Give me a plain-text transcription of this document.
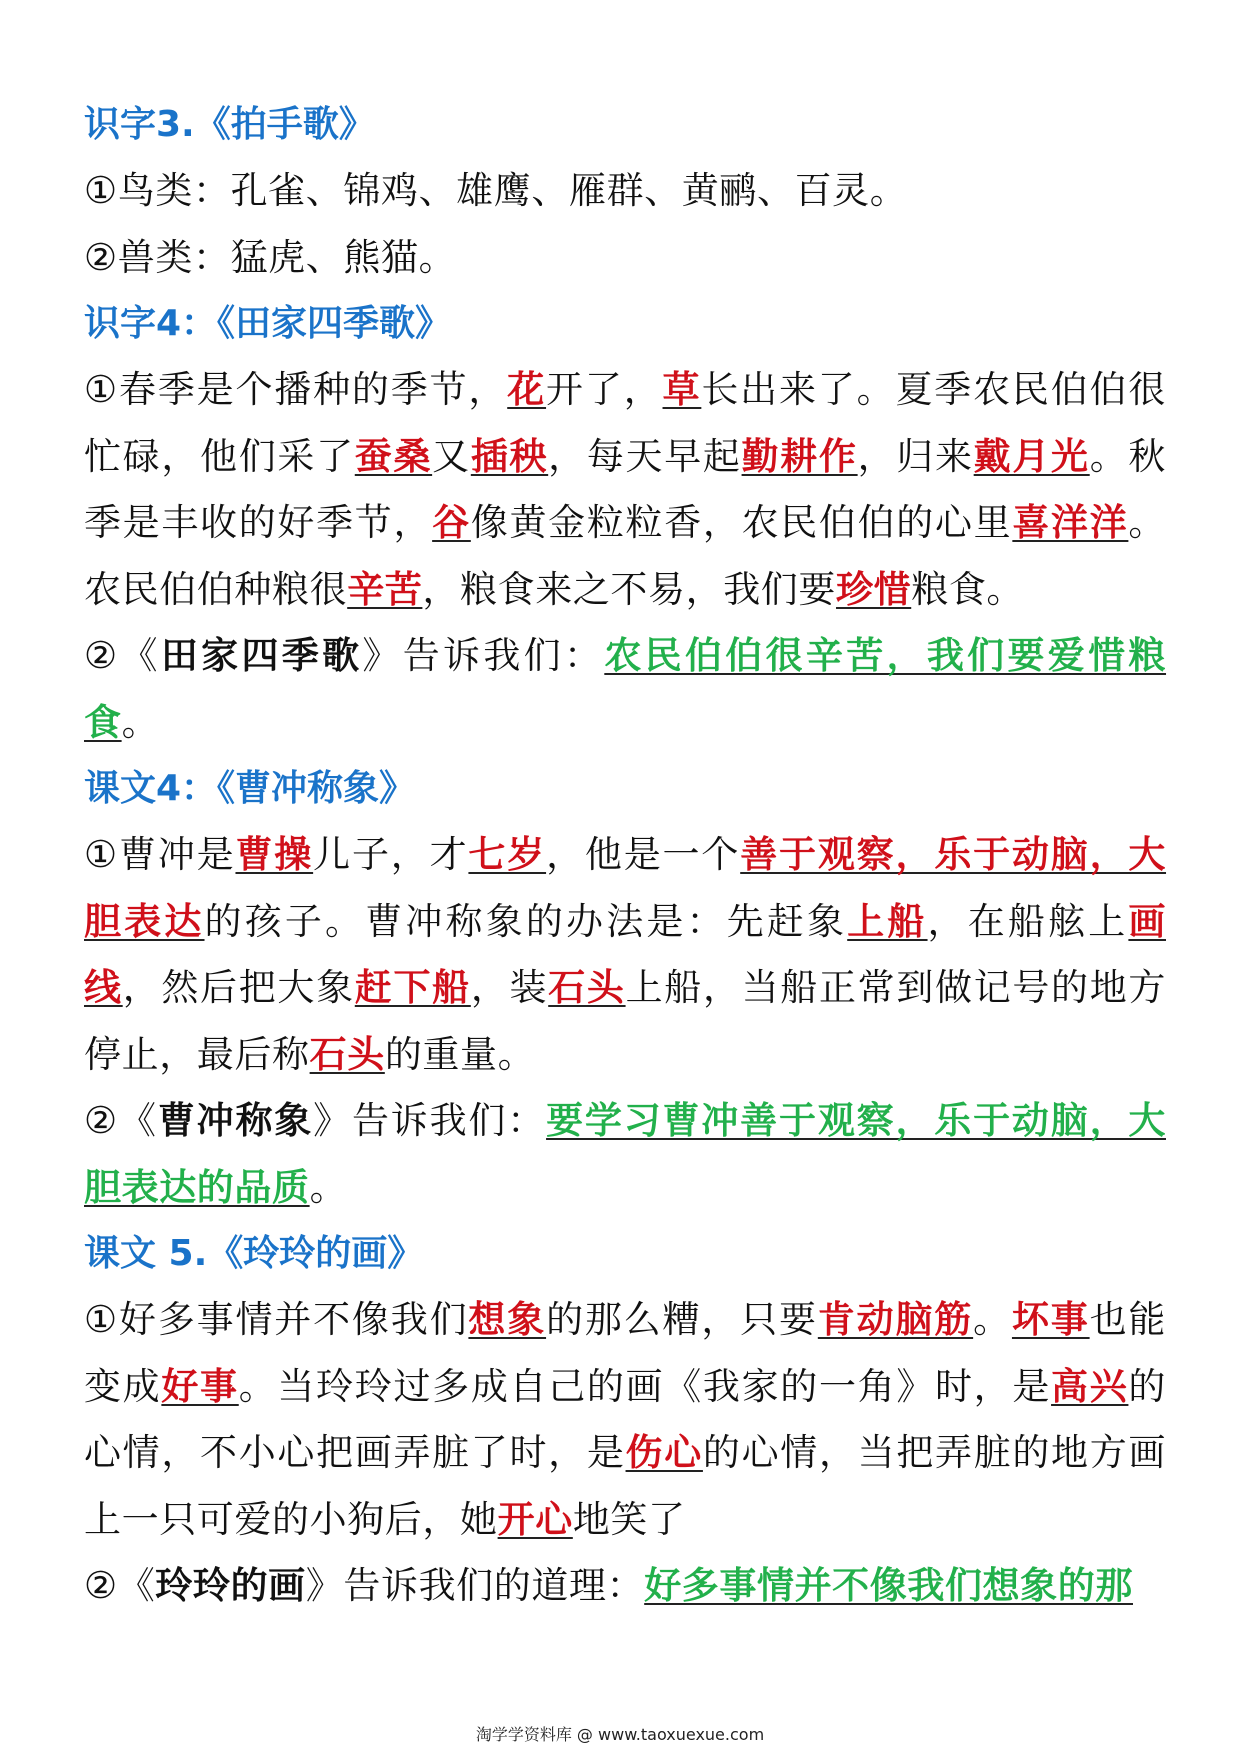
识字3.《拍手歌》
①鸟类：孔雀、锦鸡、雄鹰、雁群、黄鹂、百灵。
②兽类：猛虎、熊猫。
识字4：《田家四季歌》
①春季是个播种的季节，花开了，草长出来了。夏季农民伯伯很忙碌，他们采了蚕桑又插秧，每天早起勤耕作，归来戴月光。秋季是丰收的好季节，谷像黄金粒粒香，农民伯伯的心里喜洋洋。农民伯伯种粮很辛苦，粮食来之不易，我们要珍惜粮食。
②《田家四季歌》告诉我们：农民伯伯很辛苦，我们要爱惜粮食。
课文4：《曹冲称象》
①曹冲是曹操儿子，才七岁，他是一个善于观察，乐于动脑，大胆表达的孩子。曹冲称象的办法是：先赶象上船，在船舷上画线，然后把大象赶下船，装石头上船，当船正常到做记号的地方停止，最后称石头的重量。
②《曹冲称象》告诉我们：要学习曹冲善于观察，乐于动脑，大胆表达的品质。
课文 5.《玲玲的画》
①好多事情并不像我们想象的那么糟，只要肯动脑筋。坏事也能变成好事。当玲玲过多成自己的画《我家的一角》时，是高兴的心情，不小心把画弄脏了时，是伤心的心情，当把弄脏的地方画上一只可爱的小狗后，她开心地笑了
②《玲玲的画》告诉我们的道理：好多事情并不像我们想象的那
淘学学资料库 @ www.taoxuexue.com
